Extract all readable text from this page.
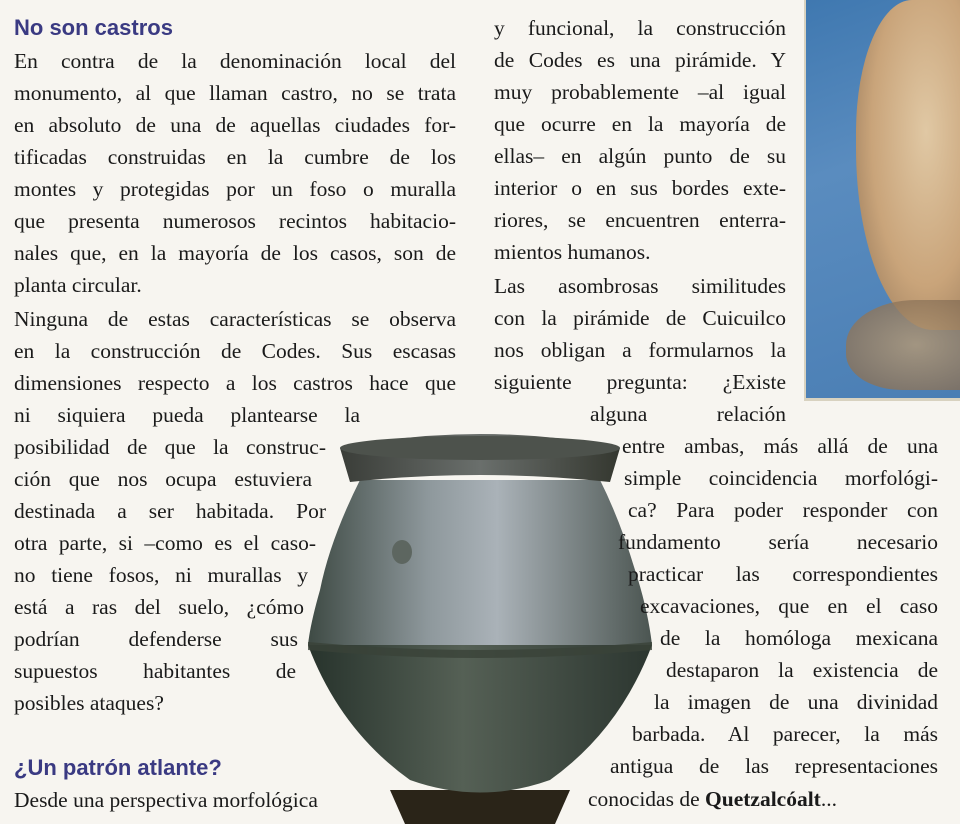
No son castros
En contra de la denominación local del
monumento, al que llaman castro, no se trata
en absoluto de una de aquellas ciudades for-
tificadas construidas en la cumbre de los
montes y protegidas por un foso o muralla
que presenta numerosos recintos habitacio-
nales que, en la mayoría de los casos, son de
planta circular.
Ninguna de estas características se observa
en la construcción de Codes. Sus escasas
dimensiones respecto a los castros hace que
ni siquiera pueda plantearse la
posibilidad de que la construc-
ción que nos ocupa estuviera
destinada a ser habitada. Por
otra parte, si –como es el caso-
no tiene fosos, ni murallas y
está a ras del suelo, ¿cómo
podrían defenderse sus
supuestos habitantes de
posibles ataques?
¿Un patrón atlante?
Desde una perspectiva morfológica
y funcional, la construcción
de Codes es una pirámide. Y
muy probablemente –al igual
que ocurre en la mayoría de
ellas– en algún punto de su
interior o en sus bordes exte-
riores, se encuentren enterra-
mientos humanos.
Las asombrosas similitudes
con la pirámide de Cuicuilco
nos obligan a formularnos la
siguiente pregunta: ¿Existe
alguna relación
entre ambas, más allá de una
simple coincidencia morfológi-
ca? Para poder responder con
fundamento sería necesario
practicar las correspondientes
excavaciones, que en el caso
de la homóloga mexicana
destaparon la existencia de
la imagen de una divinidad
barbada. Al parecer, la más
antigua de las representaciones
conocidas de Quetzalcóalt...
